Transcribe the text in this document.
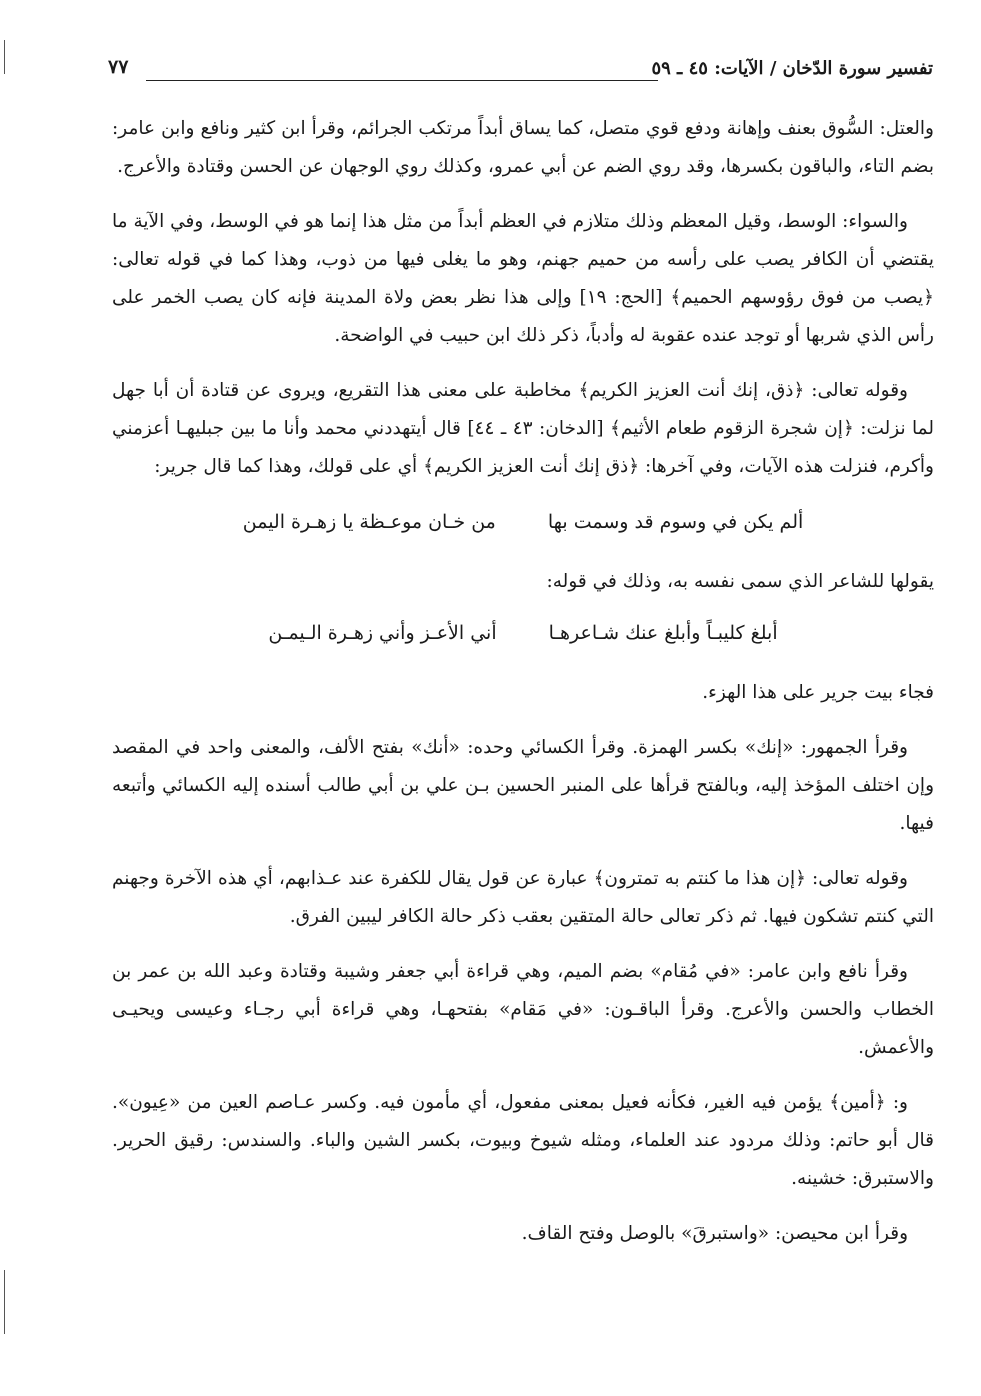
تفسير سورة الدّخان / الآيات: ٤٥ ـ ٥٩
٧٧

والعتل: السُّوق بعنف وإهانة ودفع قوي متصل، كما يساق أبداً مرتكب الجرائم، وقرأ ابن كثير ونافع وابن عامر: بضم التاء، والباقون بكسرها، وقد روي الضم عن أبي عمرو، وكذلك روي الوجهان عن الحسن وقتادة والأعرج.

والسواء: الوسط، وقيل المعظم وذلك متلازم في العظم أبداً من مثل هذا إنما هو في الوسط، وفي الآية ما يقتضي أن الكافر يصب على رأسه من حميم جهنم، وهو ما يغلى فيها من ذوب، وهذا كما في قوله تعالى: ﴿يصب من فوق رؤوسهم الحميم﴾ [الحج: ١٩] وإلى هذا نظر بعض ولاة المدينة فإنه كان يصب الخمر على رأس الذي شربها أو توجد عنده عقوبة له وأدباً، ذكر ذلك ابن حبيب في الواضحة.

وقوله تعالى: ﴿ذق، إنك أنت العزيز الكريم﴾ مخاطبة على معنى هذا التقريع، ويروى عن قتادة أن أبا جهل لما نزلت: ﴿إن شجرة الزقوم طعام الأثيم﴾ [الدخان: ٤٣ ـ ٤٤] قال أيتهددني محمد وأنا ما بين جبليهـا أعزمني وأكرم، فنزلت هذه الآيات، وفي آخرها: ﴿ذق إنك أنت العزيز الكريم﴾ أي على قولك، وهذا كما قال جرير:

ألم يكن في وسوم قد وسمت بها
من خـان موعـظة يا زهـرة اليمن

يقولها للشاعر الذي سمى نفسه به، وذلك في قوله:

أبلغ كليبـاً وأبلغ عنك شـاعرهـا
أني الأعـز وأني زهـرة الـيمـن

فجاء بيت جرير على هذا الهزء.

وقرأ الجمهور: «إنك» بكسر الهمزة. وقرأ الكسائي وحده: «أنك» بفتح الألف، والمعنى واحد في المقصد وإن اختلف المؤخذ إليه، وبالفتح قرأها على المنبر الحسين بـن علي بن أبي طالب أسنده إليه الكسائي وأتبعه فيها.

وقوله تعالى: ﴿إن هذا ما كنتم به تمترون﴾ عبارة عن قول يقال للكفرة عند عـذابهم، أي هذه الآخرة وجهنم التي كنتم تشكون فيها. ثم ذكر تعالى حالة المتقين بعقب ذكر حالة الكافر ليبين الفرق.

وقرأ نافع وابن عامر: «في مُقام» بضم الميم، وهي قراءة أبي جعفر وشيبة وقتادة وعبد الله بن عمر بن الخطاب والحسن والأعرج. وقرأ الباقـون: «في مَقام» بفتحهـا، وهي قراءة أبي رجـاء وعيسى ويحيـى والأعمش.

و: ﴿أمين﴾ يؤمن فيه الغير، فكأنه فعيل بمعنى مفعول، أي مأمون فيه. وكسر عـاصم العين من «عِيون». قال أبو حاتم: وذلك مردود عند العلماء، ومثله شيوخ وبيوت، بكسر الشين والباء. والسندس: رقيق الحرير. والاستبرق: خشينه.

وقرأ ابن محيصن: «واستبرقَ» بالوصل وفتح القاف.
